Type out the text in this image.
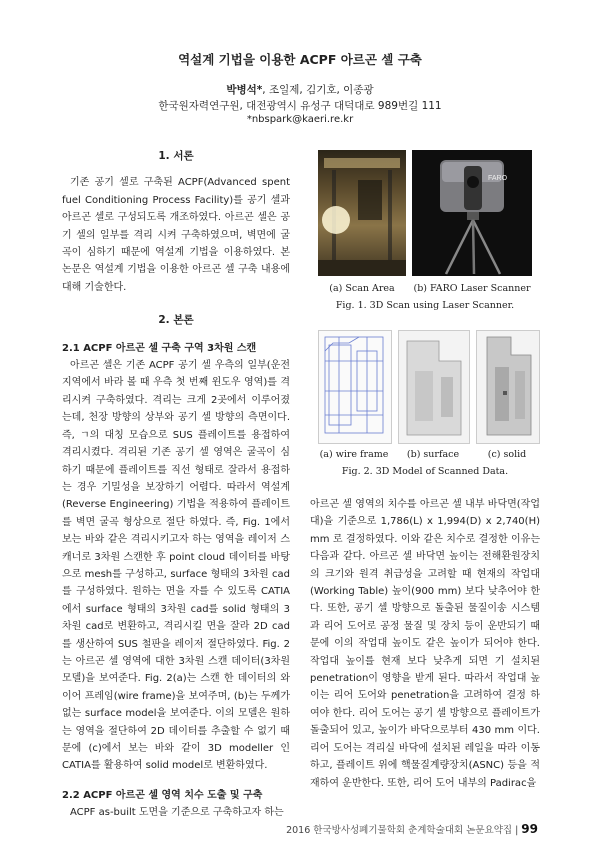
역설계 기법을 이용한 ACPF 아르곤 셀 구축
박병석*, 조일제, 김기호, 이종광
한국원자력연구원, 대전광역시 유성구 대덕대로 989번길 111
*nbspark@kaeri.re.kr
1. 서론

기존 공기 셀로 구축된 ACPF(Advanced spent fuel Conditioning Process Facility)를 공기 셀과 아르곤 셀로 구성되도록 개조하였다. 아르곤 셀은 공기 셀의 일부를 격리 시켜 구축하였으며, 벽면에 굴곡이 심하기 때문에 역설계 기법을 이용하였다. 본 논문은 역설계 기법을 이용한 아르곤 셀 구축 내용에 대해 기술한다.

2. 본론
2.1 ACPF 아르곤 셀 구축 구역 3차원 스캔

아르곤 셀은 기존 ACPF 공기 셀 우측의 일부(운전 지역에서 바라 볼 때 우측 첫 번째 윈도우 영역)를 격리시켜 구축하였다. 격리는 크게 2곳에서 이루어졌는데, 천장 방향의 상부와 공기 셀 방향의 측면이다. 즉, ㄱ의 대칭 모습으로 SUS 플레이트를 용접하여 격리시켰다. 격리된 기존 공기 셀 영역은 굴곡이 심하기 때문에 플레이트를 직선 형태로 잘라서 용접하는 경우 기밀성을 보장하기 어렵다. 따라서 역설계(Reverse Engineering) 기법을 적용하여 플레이트를 벽면 굴곡 형상으로 절단 하였다. 즉, Fig. 1에서 보는 바와 같은 격리시키고자 하는 영역을 레이저 스캐너로 3차원 스캔한 후 point cloud 데이터를 바탕으로 mesh를 구성하고, surface 형태의 3차원 cad를 구성하였다. 원하는 면을 자를 수 있도록 CATIA에서 surface 형태의 3차원 cad를 solid 형태의 3차원 cad로 변환하고, 격리시킬 면을 잘라 2D cad를 생산하여 SUS 철판을 레이저 절단하였다. Fig. 2는 아르곤 셀 영역에 대한 3차원 스캔 데이터(3차원 모델)을 보여준다. Fig. 2(a)는 스캔 한 데이터의 와이어 프레임(wire frame)을 보여주며, (b)는 두께가 없는 surface model을 보여준다. 이의 모델은 원하는 영역을 절단하여 2D 데이터를 추출할 수 없기 때문에 (c)에서 보는 바와 같이 3D modeller 인 CATIA를 활용하여 solid model로 변환하였다.

2.2 ACPF 아르곤 셀 영역 치수 도출 및 구축

ACPF as-built 도면을 기준으로 구축하고자 하는

FARO
(a) Scan Area	(b) FARO Laser Scanner
Fig. 1. 3D Scan using Laser Scanner.
(a) wire frame	(b) surface	(c) solid
Fig. 2. 3D Model of Scanned Data.

아르곤 셀 영역의 치수를 아르곤 셀 내부 바닥면(작업대)을 기준으로 1,786(L) x 1,994(D) x 2,740(H) mm 로 결정하였다. 이와 같은 치수로 결정한 이유는 다음과 같다. 아르곤 셀 바닥면 높이는 전해환원장치의 크기와 원격 취급성을 고려할 때 현재의 작업대(Working Table) 높이(900 mm) 보다 낮추어야 한다. 또한, 공기 셀 방향으로 돌출된 물질이송 시스템과 리어 도어로 공정 물질 및 장치 등이 운반되기 때문에 이의 작업대 높이도 같은 높이가 되어야 한다. 작업대 높이를 현재 보다 낮추게 되면 기 설치된 penetration이 영향을 받게 된다. 따라서 작업대 높이는 리어 도어와 penetration을 고려하여 결정 하여야 한다. 리어 도어는 공기 셀 방향으로 플레이트가 돌출되어 있고, 높이가 바닥으로부터 430 mm 이다. 리어 도어는 격리실 바닥에 설치된 레일을 따라 이동하고, 플레이트 위에 핵물질계량장치(ASNC) 등을 적재하여 운반한다. 또한, 리어 도어 내부의 Padirac을

2016 한국방사성폐기물학회 춘계학술대회 논문요약집 | 99
